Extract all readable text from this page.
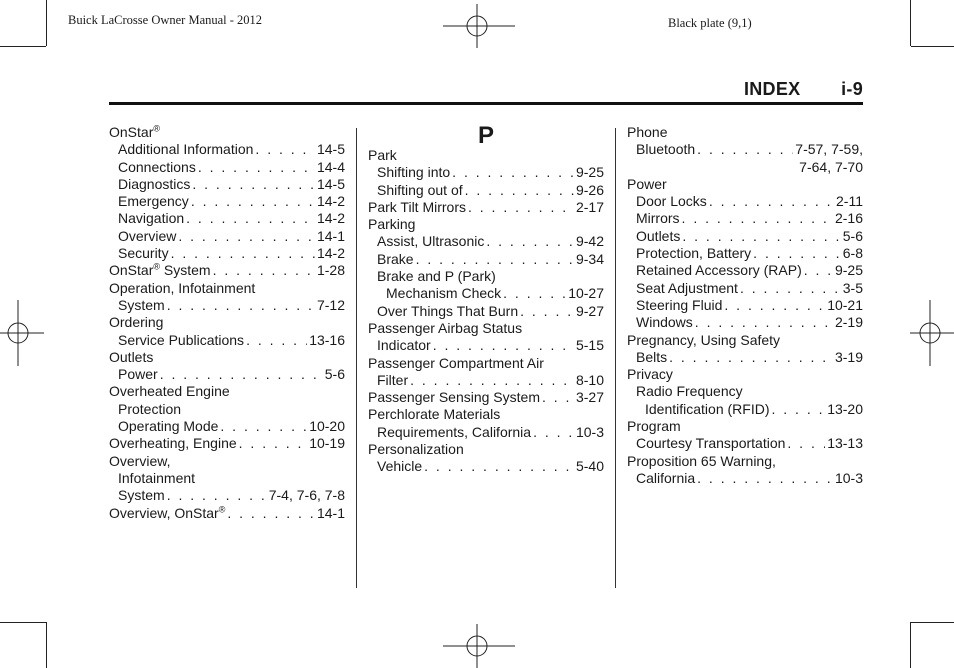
Buick LaCrosse Owner Manual - 2012	Black plate (9,1)
INDEX i-9
OnStar®
Additional Information . . .	14-5
Connections . . .	14-4
Diagnostics . . .	14-5
Emergency . . .	14-2
Navigation . . .	14-2
Overview . . .	14-1
Security . . .	14-2
OnStar® System . . .	1-28
Operation, Infotainment
System . . .	7-12
Ordering
Service Publications . . .	13-16
Outlets
Power . . .	5-6
Overheated Engine
Protection
Operating Mode . . .	10-20
Overheating, Engine . . .	10-19
Overview,
Infotainment
System . . .	7-4, 7-6, 7-8
Overview, OnStar® . . .	14-1
P
Park
Shifting into . . .	9-25
Shifting out of . . .	9-26
Park Tilt Mirrors . . .	2-17
Parking
Assist, Ultrasonic . . .	9-42
Brake . . .	9-34
Brake and P (Park)
Mechanism Check . . .	10-27
Over Things That Burn . . .	9-27
Passenger Airbag Status
Indicator . . .	5-15
Passenger Compartment Air
Filter . . .	8-10
Passenger Sensing System . . .	3-27
Perchlorate Materials
Requirements, California . . .	10-3
Personalization
Vehicle . . .	5-40
Phone
Bluetooth . . .	7-57, 7-59,
7-64, 7-70
Power
Door Locks . . .	2-11
Mirrors . . .	2-16
Outlets . . .	5-6
Protection, Battery . . .	6-8
Retained Accessory (RAP) . . . 9-25
Seat Adjustment . . .	3-5
Steering Fluid . . .	10-21
Windows . . .	2-19
Pregnancy, Using Safety
Belts . . .	3-19
Privacy
Radio Frequency
Identification (RFID) . . .	13-20
Program
Courtesy Transportation . . .	13-13
Proposition 65 Warning,
California . . .	10-3
